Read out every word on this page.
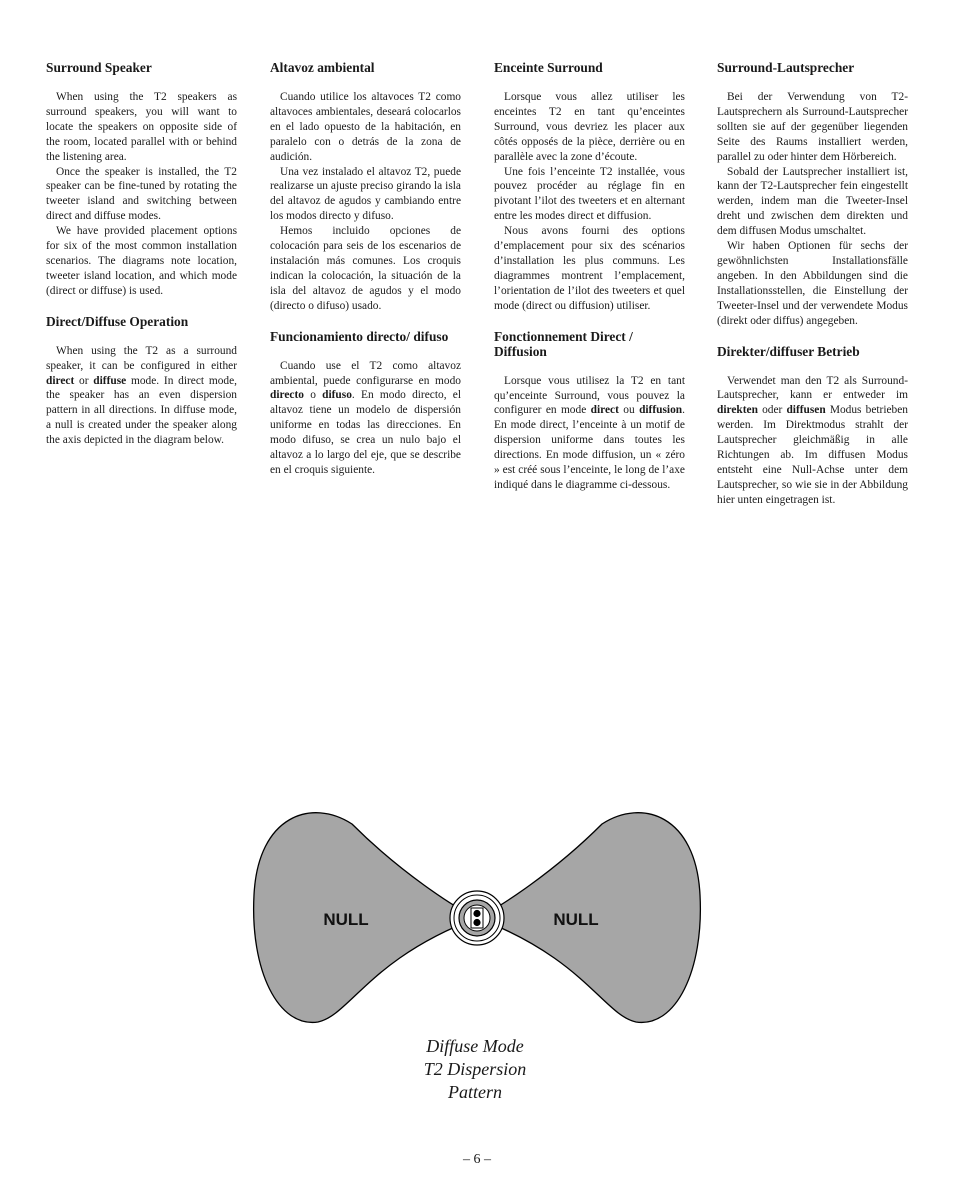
Surround Speaker

When using the T2 speakers as surround speakers, you will want to locate the speakers on opposite side of the room, located parallel with or behind the listening area.

Once the speaker is installed, the T2 speaker can be fine-tuned by rotating the tweeter island and switching between direct and diffuse modes.

We have provided placement options for six of the most common installation scenarios. The diagrams note location, tweeter island location, and which mode (direct or diffuse) is used.

Direct/Diffuse Operation

When using the T2 as a surround speaker, it can be configured in either direct or diffuse mode. In direct mode, the speaker has an even dispersion pattern in all directions. In diffuse mode, a null is created under the speaker along the axis depicted in the diagram below.

Altavoz ambiental

Cuando utilice los altavoces T2 como altavoces ambientales, deseará colocarlos en el lado opuesto de la habitación, en paralelo con o detrás de la zona de audición.

Una vez instalado el altavoz T2, puede realizarse un ajuste preciso girando la isla del altavoz de agudos y cambiando entre los modos directo y difuso.

Hemos incluido opciones de colocación para seis de los escenarios de instalación más comunes. Los croquis indican la colocación, la situación de la isla del altavoz de agudos y el modo (directo o difuso) usado.

Funcionamiento directo/ difuso

Cuando use el T2 como altavoz ambiental, puede configurarse en modo directo o difuso. En modo directo, el altavoz tiene un modelo de dispersión uniforme en todas las direcciones. En modo difuso, se crea un nulo bajo el altavoz a lo largo del eje, que se describe en el croquis siguiente.

Enceinte Surround

Lorsque vous allez utiliser les enceintes T2 en tant qu’enceintes Surround, vous devriez les placer aux côtés opposés de la pièce, derrière ou en parallèle avec la zone d’écoute.

Une fois l’enceinte T2 installée, vous pouvez procéder au réglage fin en pivotant l’ilot des tweeters et en alternant entre les modes direct et diffusion.

Nous avons fourni des options d’emplacement pour six des scénarios d’installation les plus communs. Les diagrammes montrent l’emplacement, l’orientation de l’ilot des tweeters et quel mode (direct ou diffusion) utiliser.

Fonctionnement Direct / Diffusion

Lorsque vous utilisez la T2 en tant qu’enceinte Surround, vous pouvez la configurer en mode direct ou diffusion. En mode direct, l’enceinte à un motif de dispersion uniforme dans toutes les directions. En mode diffusion, un « zéro » est créé sous l’enceinte, le long de l’axe indiqué dans le diagramme ci-dessous.

Surround-Lautsprecher

Bei der Verwendung von T2-Lautsprechern als Surround-Lautsprecher sollten sie auf der gegenüber liegenden Seite des Raums installiert werden, parallel zu oder hinter dem Hörbereich.

Sobald der Lautsprecher installiert ist, kann der T2-Lautsprecher fein eingestellt werden, indem man die Tweeter-Insel dreht und zwischen dem direkten und dem diffusen Modus umschaltet.

Wir haben Optionen für sechs der gewöhnlichsten Installationsfälle angeben. In den Abbildungen sind die Installationsstellen, die Einstellung der Tweeter-Insel und der verwendete Modus (direkt oder diffus) angegeben.

Direkter/diffuser Betrieb

Verwendet man den T2 als Surround-Lautsprecher, kann er entweder im direkten oder diffusen Modus betrieben werden. Im Direktmodus strahlt der Lautsprecher gleichmäßig in alle Richtungen ab. Im diffusen Modus entsteht eine Null-Achse unter dem Lautsprecher, so wie sie in der Abbildung hier unten eingetragen ist.

NULL	NULL
Diffuse Mode
T2 Dispersion
Pattern
– 6 –
